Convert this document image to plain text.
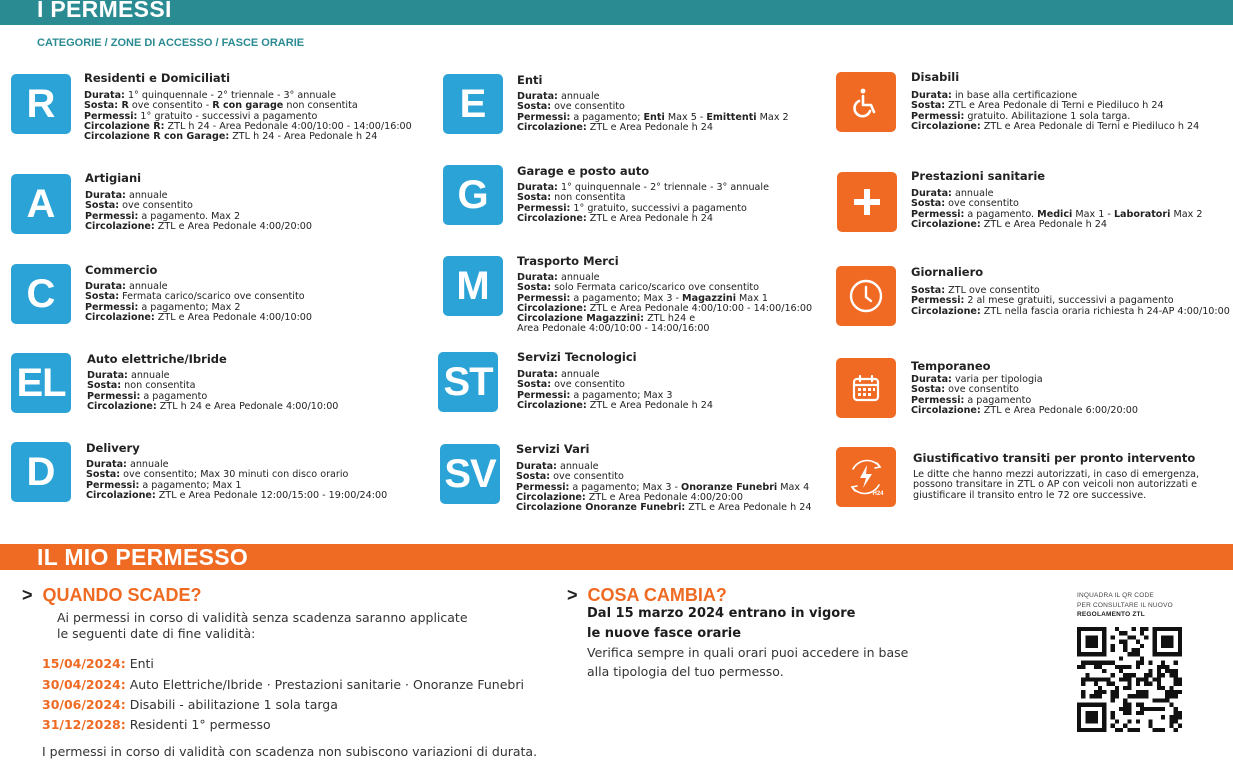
I PERMESSI
CATEGORIE / ZONE DI ACCESSO / FASCE ORARIE
R
Residenti e Domiciliati
Durata: 1° quinquennale - 2° triennale - 3° annuale
Sosta: R ove consentito - R con garage non consentita
Permessi: 1° gratuito - successivi a pagamento
Circolazione R: ZTL h 24 - Area Pedonale 4:00/10:00 - 14:00/16:00
Circolazione R con Garage: ZTL h 24 - Area Pedonale h 24
A
Artigiani
Durata: annuale
Sosta: ove consentito
Permessi: a pagamento. Max 2
Circolazione: ZTL e Area Pedonale 4:00/20:00
C
Commercio
Durata: annuale
Sosta: Fermata carico/scarico ove consentito
Permessi: a pagamento; Max 2
Circolazione: ZTL e Area Pedonale 4:00/10:00
EL
Auto elettriche/Ibride
Durata: annuale
Sosta: non consentita
Permessi: a pagamento
Circolazione: ZTL h 24 e Area Pedonale 4:00/10:00
D
Delivery
Durata: annuale
Sosta: ove consentito; Max 30 minuti con disco orario
Permessi: a pagamento; Max 1
Circolazione: ZTL e Area Pedonale 12:00/15:00 - 19:00/24:00
E
Enti
Durata: annuale
Sosta: ove consentito
Permessi: a pagamento; Enti Max 5 - Emittenti Max 2
Circolazione: ZTL e Area Pedonale h 24
G
Garage e posto auto
Durata: 1° quinquennale - 2° triennale - 3° annuale
Sosta: non consentita
Permessi: 1° gratuito, successivi a pagamento
Circolazione: ZTL e Area Pedonale h 24
M
Trasporto Merci
Durata: annuale
Sosta: solo Fermata carico/scarico ove consentito
Permessi: a pagamento; Max 3 - Magazzini Max 1
Circolazione: ZTL e Area Pedonale 4:00/10:00 - 14:00/16:00
Circolazione Magazzini: ZTL h24 e
Area Pedonale 4:00/10:00 - 14:00/16:00
ST
Servizi Tecnologici
Durata: annuale
Sosta: ove consentito
Permessi: a pagamento; Max 3
Circolazione: ZTL e Area Pedonale h 24
SV
Servizi Vari
Durata: annuale
Sosta: ove consentito
Permessi: a pagamento; Max 3 - Onoranze Funebri Max 4
Circolazione: ZTL e Area Pedonale 4:00/20:00
Circolazione Onoranze Funebri: ZTL e Area Pedonale h 24
Disabili
Durata: in base alla certificazione
Sosta: ZTL e Area Pedonale di Terni e Piediluco h 24
Permessi: gratuito. Abilitazione 1 sola targa.
Circolazione: ZTL e Area Pedonale di Terni e Piediluco h 24
Prestazioni sanitarie
Durata: annuale
Sosta: ove consentito
Permessi: a pagamento. Medici Max 1 - Laboratori Max 2
Circolazione: ZTL e Area Pedonale h 24
Giornaliero
Sosta: ZTL ove consentito
Permessi: 2 al mese gratuiti, successivi a pagamento
Circolazione: ZTL nella fascia oraria richiesta h 24-AP 4:00/10:00
Temporaneo
Durata: varia per tipologia
Sosta: ove consentito
Permessi: a pagamento
Circolazione: ZTL e Area Pedonale 6:00/20:00
H24
Giustificativo transiti per pronto intervento
Le ditte che hanno mezzi autorizzati, in caso di emergenza,
possono transitare in ZTL o AP con veicoli non autorizzati e
giustificare il transito entro le 72 ore successive.
IL MIO PERMESSO
> QUANDO SCADE?
Ai permessi in corso di validità senza scadenza saranno applicate
le seguenti date di fine validità:
15/04/2024: Enti
30/04/2024: Auto Elettriche/Ibride · Prestazioni sanitarie · Onoranze Funebri
30/06/2024: Disabili - abilitazione 1 sola targa
31/12/2028: Residenti 1° permesso
I permessi in corso di validità con scadenza non subiscono variazioni di durata.
> COSA CAMBIA?
Dal 15 marzo 2024 entrano in vigore
le nuove fasce orarie
Verifica sempre in quali orari puoi accedere in base
alla tipologia del tuo permesso.
INQUADRA IL QR CODE
PER CONSULTARE IL NUOVO
REGOLAMENTO ZTL
